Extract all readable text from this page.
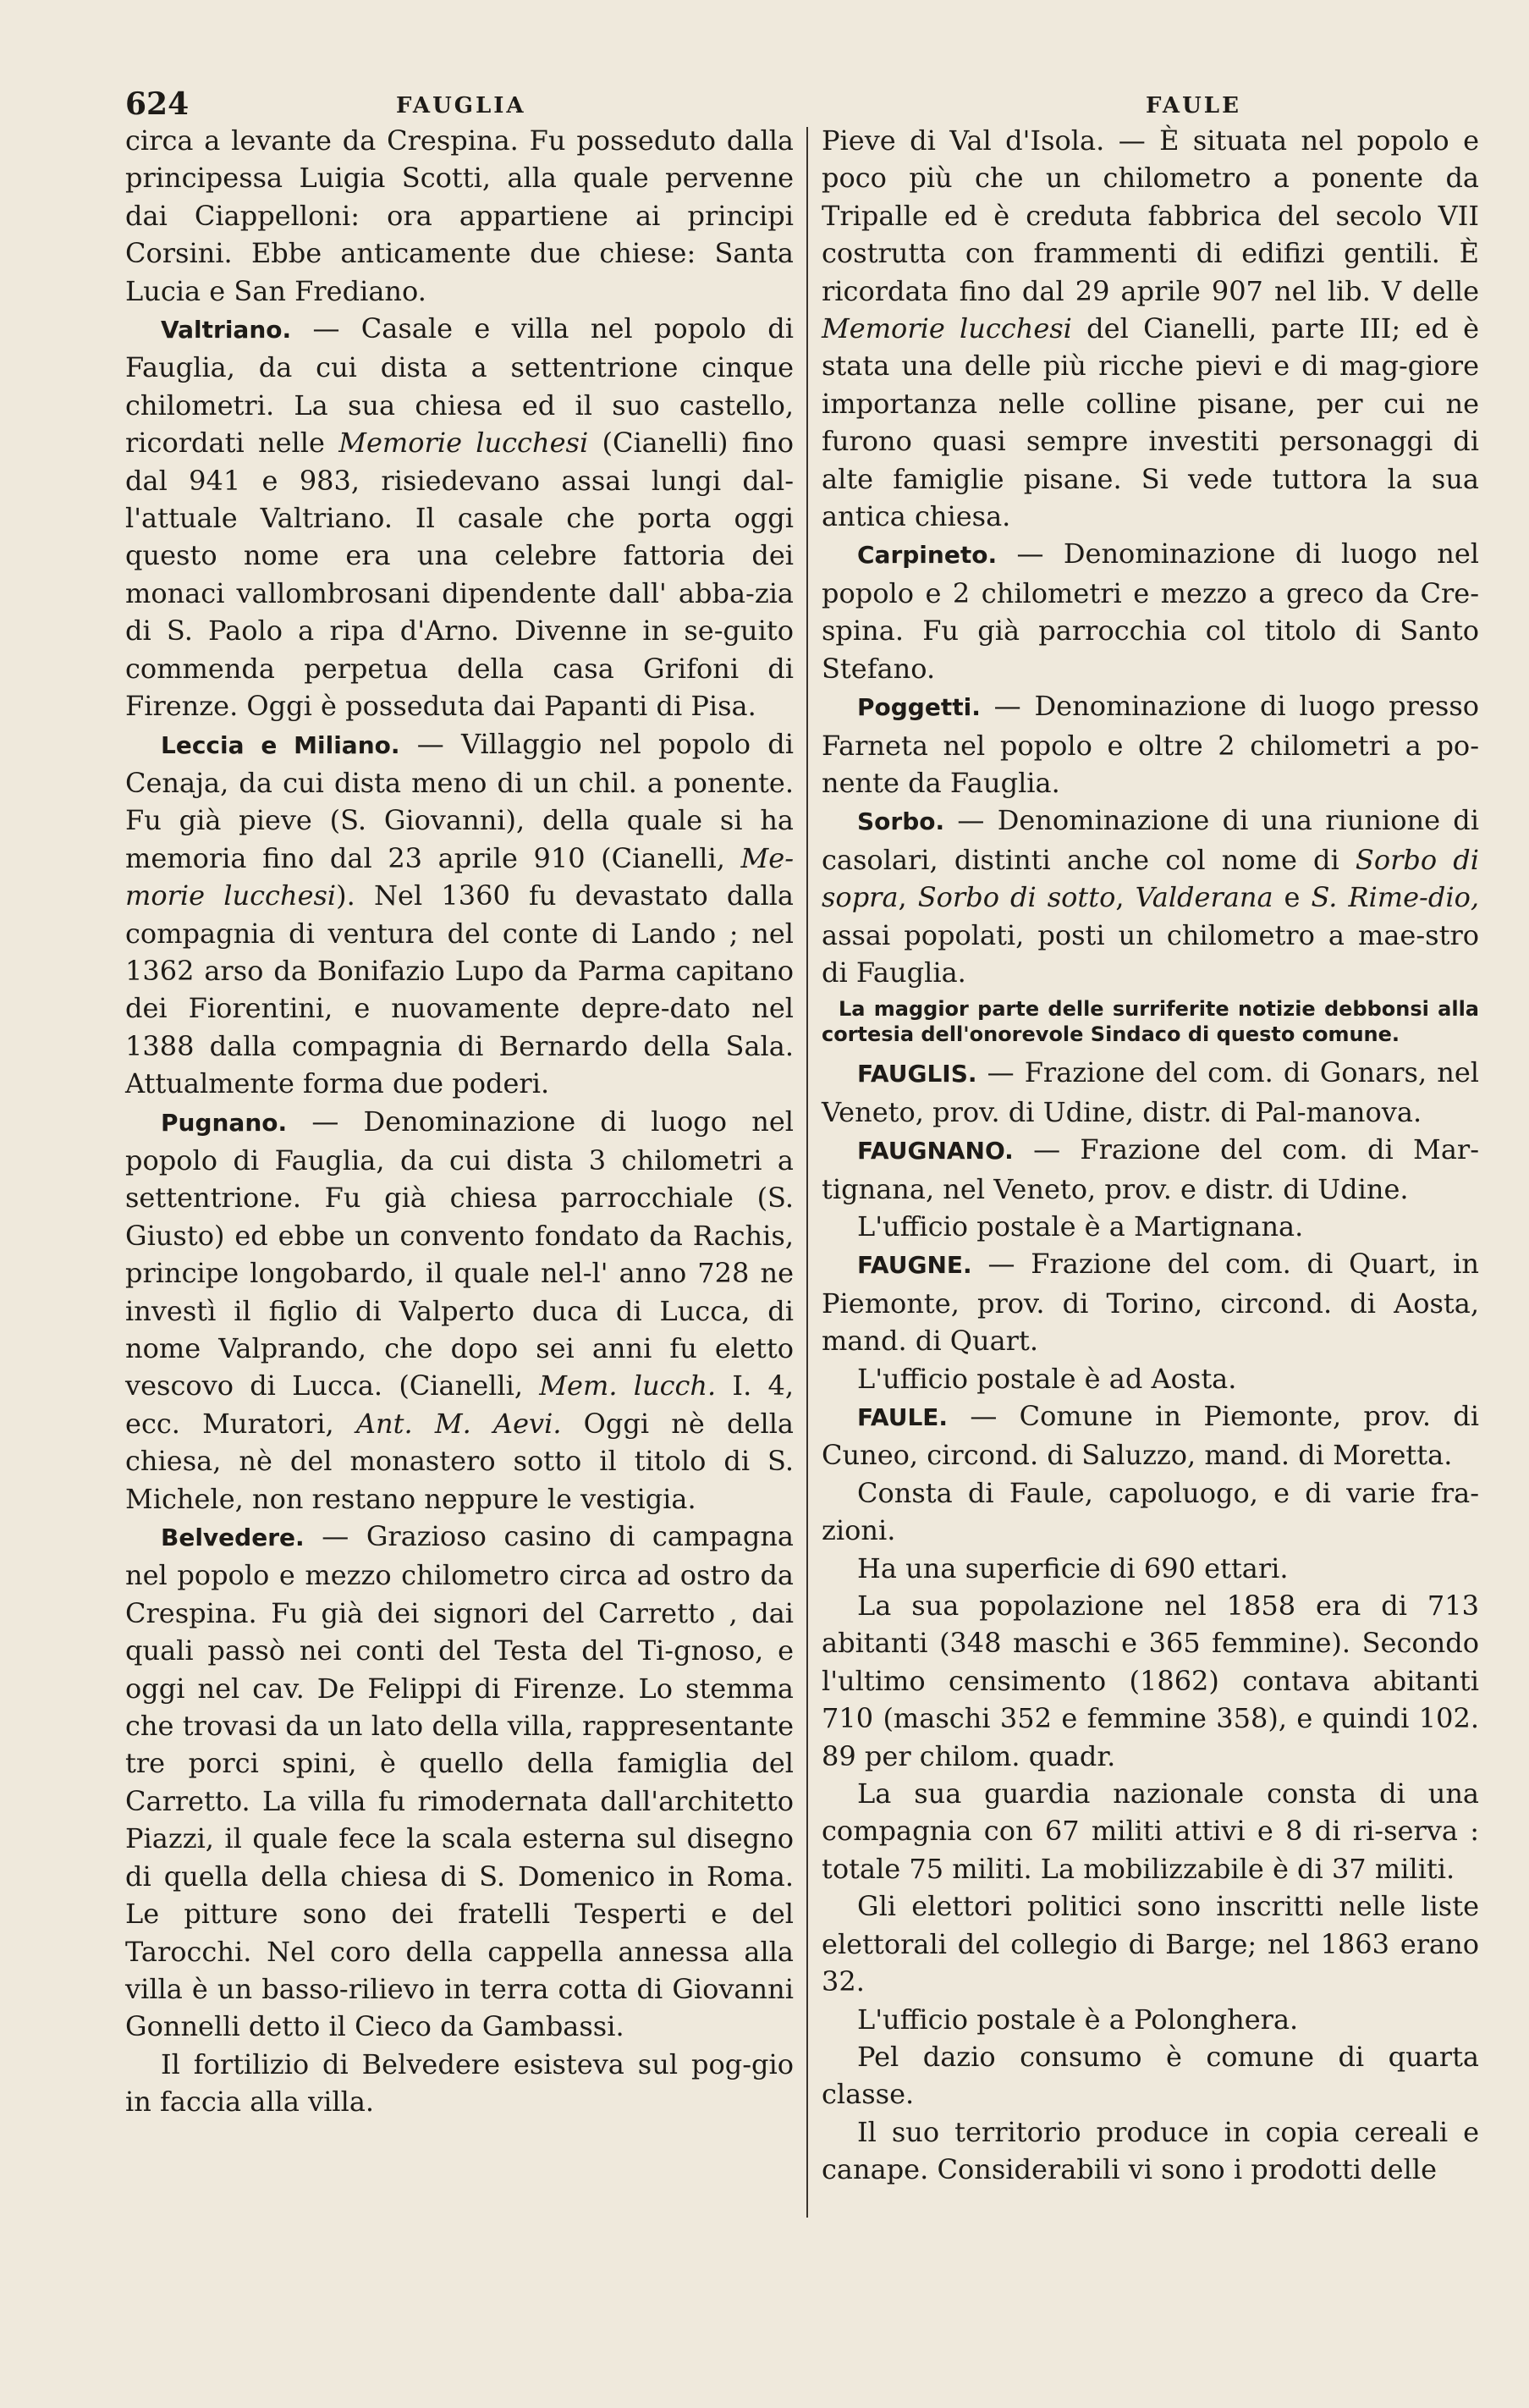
624	FAUGLIA	FAULE

circa a levante da Crespina. Fu posseduto dalla principessa Luigia Scotti, alla quale pervenne dai Ciappelloni: ora appartiene ai principi Corsini. Ebbe anticamente due chiese: Santa Lucia e San Frediano.

Valtriano. — Casale e villa nel popolo di Fauglia, da cui dista a settentrione cinque chilometri. La sua chiesa ed il suo castello, ricordati nelle Memorie lucchesi (Cianelli) fino dal 941 e 983, risiedevano assai lungi dal-l'attuale Valtriano. Il casale che porta oggi questo nome era una celebre fattoria dei monaci vallombrosani dipendente dall' abba-zia di S. Paolo a ripa d'Arno. Divenne in se-guito commenda perpetua della casa Grifoni di Firenze. Oggi è posseduta dai Papanti di Pisa.

Leccia e Miliano. — Villaggio nel popolo di Cenaja, da cui dista meno di un chil. a ponente. Fu già pieve (S. Giovanni), della quale si ha memoria fino dal 23 aprile 910 (Cianelli, Me-morie lucchesi). Nel 1360 fu devastato dalla compagnia di ventura del conte di Lando ; nel 1362 arso da Bonifazio Lupo da Parma capitano dei Fiorentini, e nuovamente depre-dato nel 1388 dalla compagnia di Bernardo della Sala. Attualmente forma due poderi.

Pugnano. — Denominazione di luogo nel popolo di Fauglia, da cui dista 3 chilometri a settentrione. Fu già chiesa parrocchiale (S. Giusto) ed ebbe un convento fondato da Rachis, principe longobardo, il quale nel-l' anno 728 ne investì il figlio di Valperto duca di Lucca, di nome Valprando, che dopo sei anni fu eletto vescovo di Lucca. (Cianelli, Mem. lucch. I. 4, ecc. Muratori, Ant. M. Aevi. Oggi nè della chiesa, nè del monastero sotto il titolo di S. Michele, non restano neppure le vestigia.

Belvedere. — Grazioso casino di campagna nel popolo e mezzo chilometro circa ad ostro da Crespina. Fu già dei signori del Carretto , dai quali passò nei conti del Testa del Ti-gnoso, e oggi nel cav. De Felippi di Firenze. Lo stemma che trovasi da un lato della villa, rappresentante tre porci spini, è quello della famiglia del Carretto. La villa fu rimodernata dall'architetto Piazzi, il quale fece la scala esterna sul disegno di quella della chiesa di S. Domenico in Roma. Le pitture sono dei fratelli Tesperti e del Tarocchi. Nel coro della cappella annessa alla villa è un basso-rilievo in terra cotta di Giovanni Gonnelli detto il Cieco da Gambassi.

Il fortilizio di Belvedere esisteva sul pog-gio in faccia alla villa.

Pieve di Val d'Isola. — È situata nel popolo e poco più che un chilometro a ponente da Tripalle ed è creduta fabbrica del secolo VII costrutta con frammenti di edifizi gentili. È ricordata fino dal 29 aprile 907 nel lib. V delle Memorie lucchesi del Cianelli, parte III; ed è stata una delle più ricche pievi e di mag-giore importanza nelle colline pisane, per cui ne furono quasi sempre investiti personaggi di alte famiglie pisane. Si vede tuttora la sua antica chiesa.

Carpineto. — Denominazione di luogo nel popolo e 2 chilometri e mezzo a greco da Cre-spina. Fu già parrocchia col titolo di Santo Stefano.

Poggetti. — Denominazione di luogo presso Farneta nel popolo e oltre 2 chilometri a po-nente da Fauglia.

Sorbo. — Denominazione di una riunione di casolari, distinti anche col nome di Sorbo di sopra, Sorbo di sotto, Valderana e S. Rime-dio, assai popolati, posti un chilometro a mae-stro di Fauglia.

La maggior parte delle surriferite notizie debbonsi alla cortesia dell'onorevole Sindaco di questo comune.

FAUGLIS. — Frazione del com. di Gonars, nel Veneto, prov. di Udine, distr. di Pal-manova.

FAUGNANO. — Frazione del com. di Mar-tignana, nel Veneto, prov. e distr. di Udine.

L'ufficio postale è a Martignana.

FAUGNE. — Frazione del com. di Quart, in Piemonte, prov. di Torino, circond. di Aosta, mand. di Quart.

L'ufficio postale è ad Aosta.

FAULE. — Comune in Piemonte, prov. di Cuneo, circond. di Saluzzo, mand. di Moretta.

Consta di Faule, capoluogo, e di varie fra-zioni.

Ha una superficie di 690 ettari.

La sua popolazione nel 1858 era di 713 abitanti (348 maschi e 365 femmine). Secondo l'ultimo censimento (1862) contava abitanti 710 (maschi 352 e femmine 358), e quindi 102. 89 per chilom. quadr.

La sua guardia nazionale consta di una compagnia con 67 militi attivi e 8 di ri-serva : totale 75 militi. La mobilizzabile è di 37 militi.

Gli elettori politici sono inscritti nelle liste elettorali del collegio di Barge; nel 1863 erano 32.

L'ufficio postale è a Polonghera.

Pel dazio consumo è comune di quarta classe.

Il suo territorio produce in copia cereali e canape. Considerabili vi sono i prodotti delle
